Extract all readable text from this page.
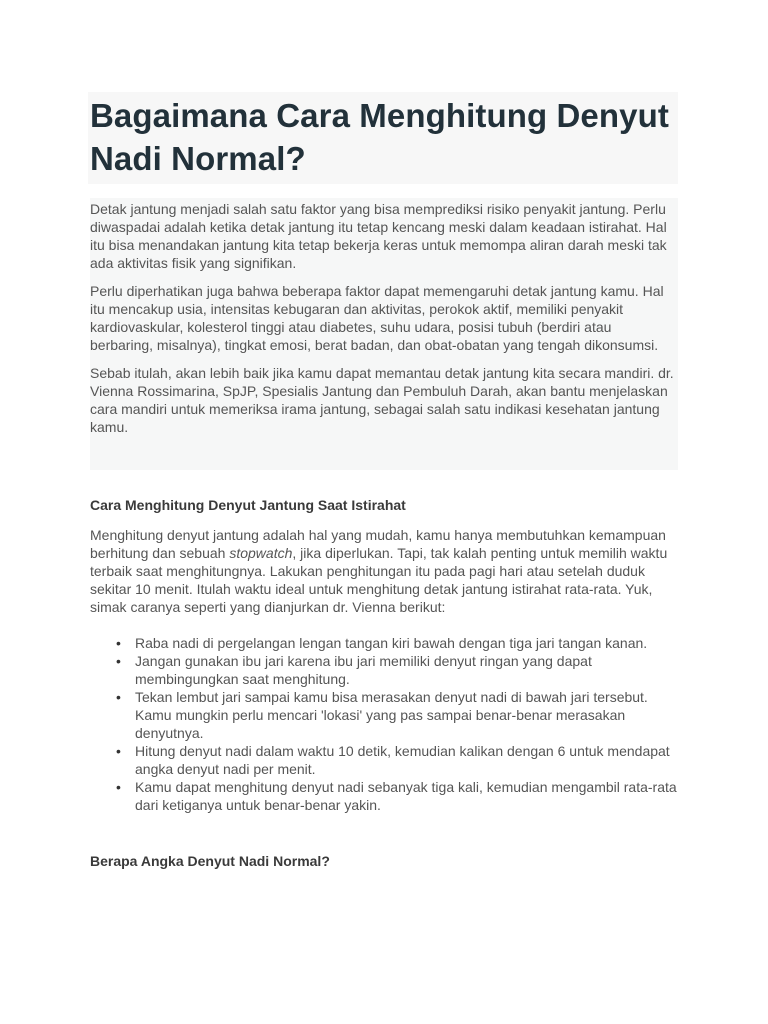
Bagaimana Cara Menghitung Denyut Nadi Normal?

Detak jantung menjadi salah satu faktor yang bisa memprediksi risiko penyakit jantung. Perlu diwaspadai adalah ketika detak jantung itu tetap kencang meski dalam keadaan istirahat. Hal itu bisa menandakan jantung kita tetap bekerja keras untuk memompa aliran darah meski tak ada aktivitas fisik yang signifikan.

Perlu diperhatikan juga bahwa beberapa faktor dapat memengaruhi detak jantung kamu. Hal itu mencakup usia, intensitas kebugaran dan aktivitas, perokok aktif, memiliki penyakit kardiovaskular, kolesterol tinggi atau diabetes, suhu udara, posisi tubuh (berdiri atau berbaring, misalnya), tingkat emosi, berat badan, dan obat-obatan yang tengah dikonsumsi.

Sebab itulah, akan lebih baik jika kamu dapat memantau detak jantung kita secara mandiri. dr. Vienna Rossimarina, SpJP, Spesialis Jantung dan Pembuluh Darah, akan bantu menjelaskan cara mandiri untuk memeriksa irama jantung, sebagai salah satu indikasi kesehatan jantung kamu.

Cara Menghitung Denyut Jantung Saat Istirahat

Menghitung denyut jantung adalah hal yang mudah, kamu hanya membutuhkan kemampuan berhitung dan sebuah stopwatch, jika diperlukan. Tapi, tak kalah penting untuk memilih waktu terbaik saat menghitungnya. Lakukan penghitungan itu pada pagi hari atau setelah duduk sekitar 10 menit. Itulah waktu ideal untuk menghitung detak jantung istirahat rata-rata. Yuk, simak caranya seperti yang dianjurkan dr. Vienna berikut:

• Raba nadi di pergelangan lengan tangan kiri bawah dengan tiga jari tangan kanan.
• Jangan gunakan ibu jari karena ibu jari memiliki denyut ringan yang dapat membingungkan saat menghitung.
• Tekan lembut jari sampai kamu bisa merasakan denyut nadi di bawah jari tersebut. Kamu mungkin perlu mencari 'lokasi' yang pas sampai benar-benar merasakan denyutnya.
• Hitung denyut nadi dalam waktu 10 detik, kemudian kalikan dengan 6 untuk mendapat angka denyut nadi per menit.
• Kamu dapat menghitung denyut nadi sebanyak tiga kali, kemudian mengambil rata-rata dari ketiganya untuk benar-benar yakin.
Berapa Angka Denyut Nadi Normal?
